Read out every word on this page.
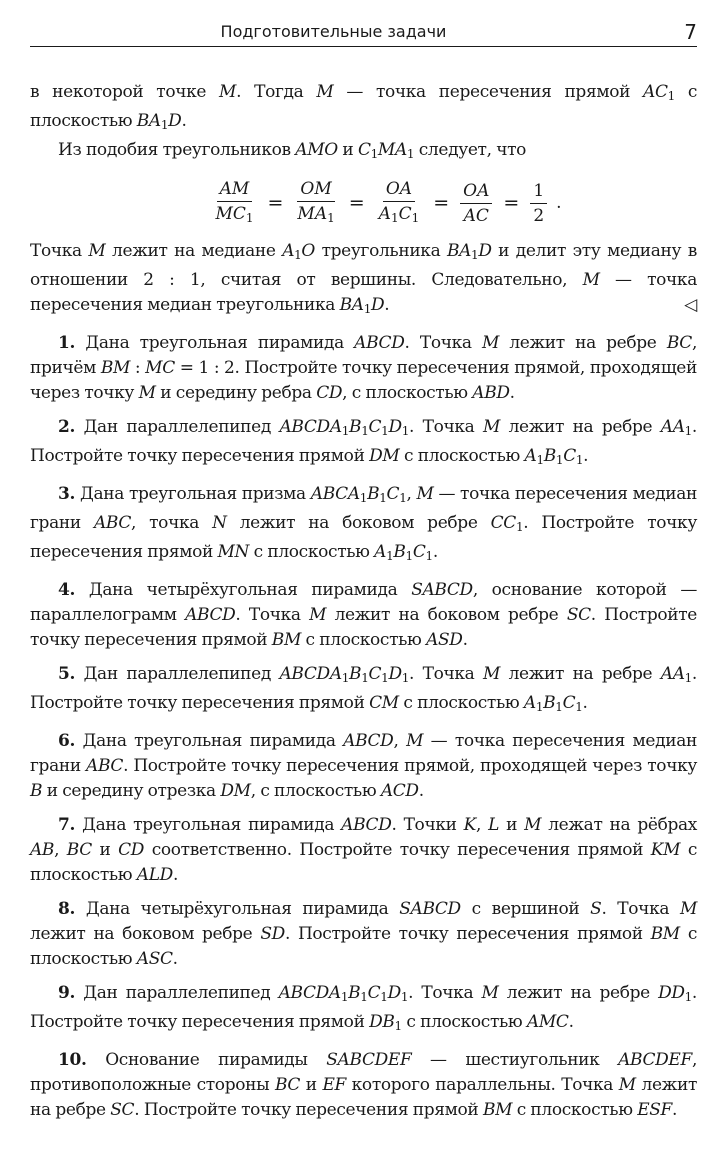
Подготовительные задачи	7

в некоторой точке M. Тогда M — точка пересечения прямой $AC_1$ с плоскостью $BA_1D$.

Из подобия треугольников AMO и $C_1MA_1$ следует, что

$\frac{AM}{MC_1} = \frac{OM}{MA_1} = \frac{OA}{A_1C_1} = \frac{OA}{AC} = \frac{1}{2}$ .

Точка M лежит на медиане $A_1O$ треугольника $BA_1D$ и делит эту медиану в отношении 2 : 1, считая от вершины. Следовательно, M — точка пересечения медиан треугольника $BA_1D$.	◁

1. Дана треугольная пирамида ABCD. Точка M лежит на ребре BC, причём BM : MC = 1 : 2. Постройте точку пересечения прямой, проходящей через точку M и середину ребра CD, с плоскостью ABD.

2. Дан параллелепипед $ABCDA_1B_1C_1D_1$. Точка M лежит на ребре $AA_1$. Постройте точку пересечения прямой DM с плоскостью $A_1B_1C_1$.

3. Дана треугольная призма $ABCA_1B_1C_1$, M — точка пересечения медиан грани ABC, точка N лежит на боковом ребре $CC_1$. Постройте точку пересечения прямой MN с плоскостью $A_1B_1C_1$.

4. Дана четырёхугольная пирамида SABCD, основание которой — параллелограмм ABCD. Точка M лежит на боковом ребре SC. Постройте точку пересечения прямой BM с плоскостью ASD.

5. Дан параллелепипед $ABCDA_1B_1C_1D_1$. Точка M лежит на ребре $AA_1$. Постройте точку пересечения прямой CM с плоскостью $A_1B_1C_1$.

6. Дана треугольная пирамида ABCD, M — точка пересечения медиан грани ABC. Постройте точку пересечения прямой, проходящей через точку B и середину отрезка DM, с плоскостью ACD.

7. Дана треугольная пирамида ABCD. Точки K, L и M лежат на рёбрах AB, BC и CD соответственно. Постройте точку пересечения прямой KM с плоскостью ALD.

8. Дана четырёхугольная пирамида SABCD с вершиной S. Точка M лежит на боковом ребре SD. Постройте точку пересечения прямой BM с плоскостью ASC.

9. Дан параллелепипед $ABCDA_1B_1C_1D_1$. Точка M лежит на ребре $DD_1$. Постройте точку пересечения прямой $DB_1$ с плоскостью AMC.

10. Основание пирамиды SABCDEF — шестиугольник ABCDEF, противоположные стороны BC и EF которого параллельны. Точка M лежит на ребре SC. Постройте точку пересечения прямой BM с плоскостью ESF.
